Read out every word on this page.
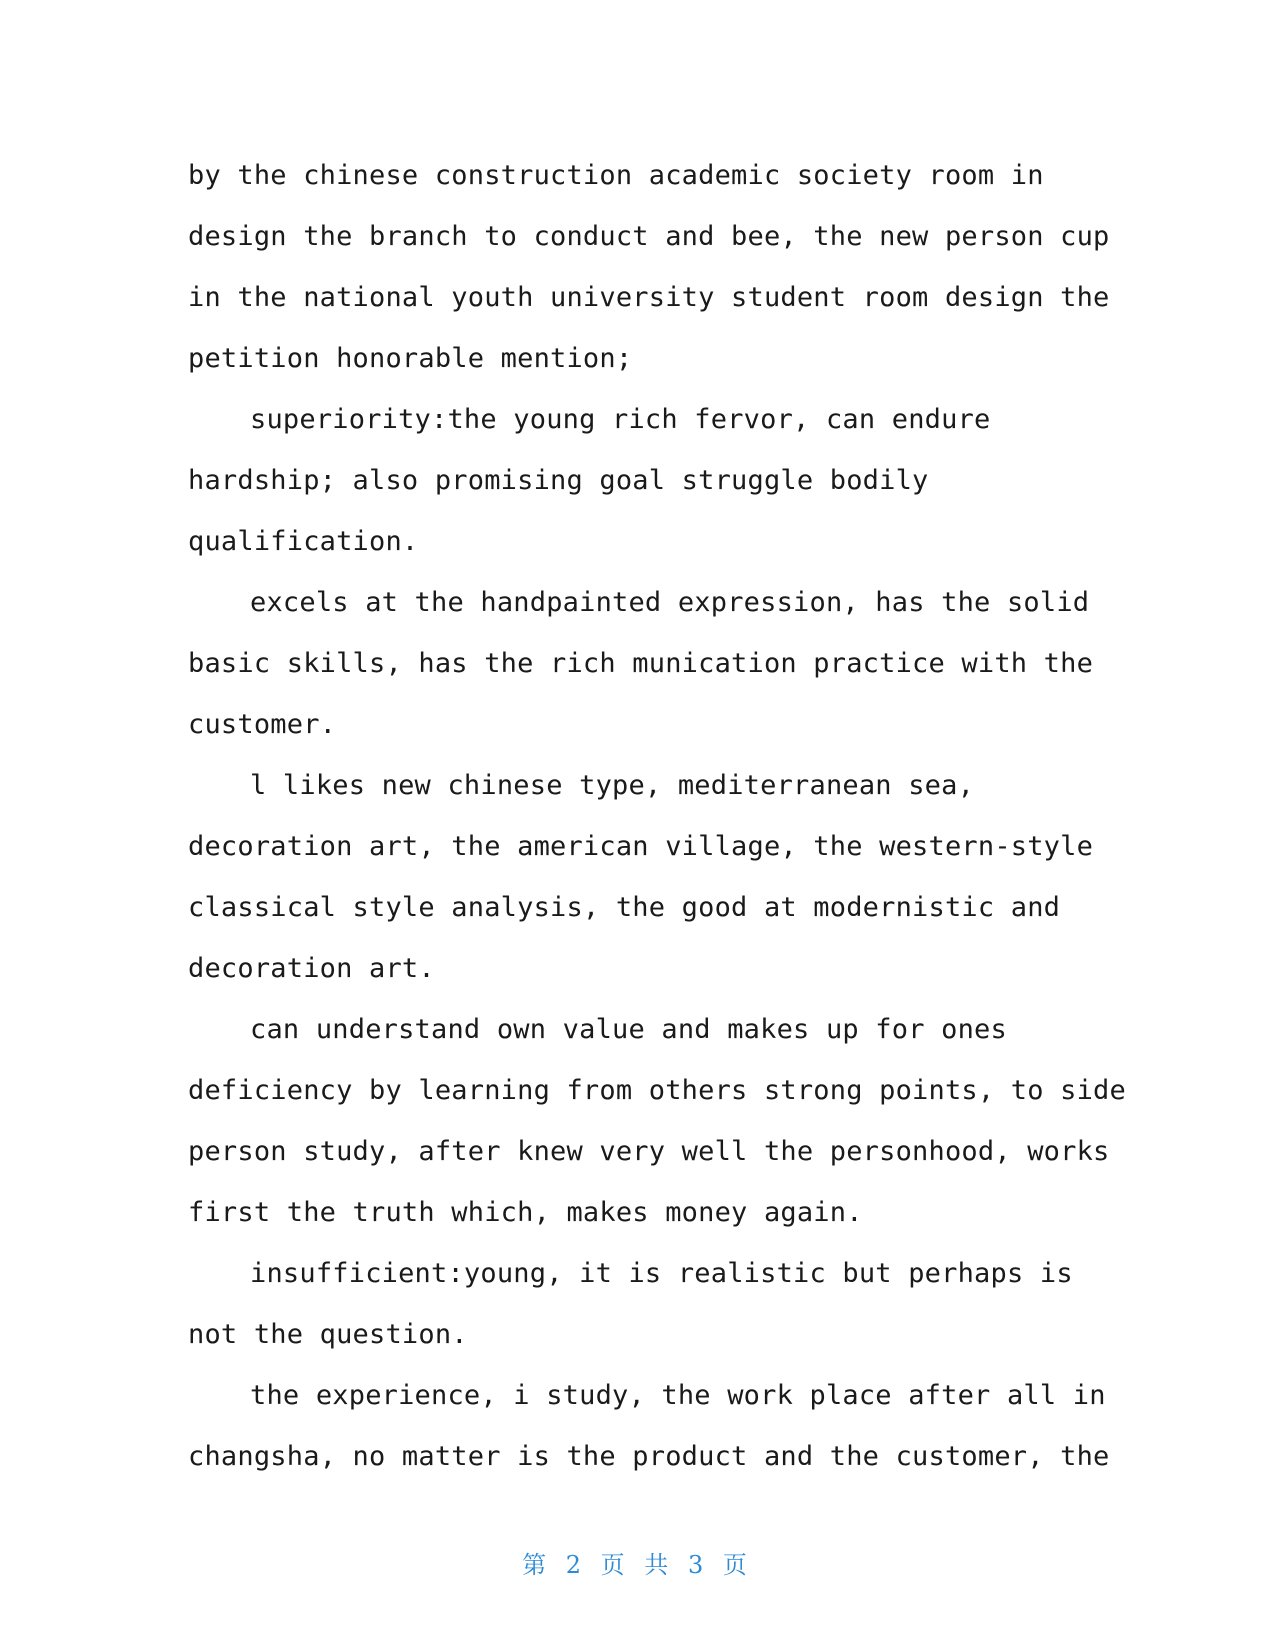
by the chinese construction academic society room in
design the branch to conduct and bee, the new person cup
in the national youth university student room design the
petition honorable mention;
superiority:the young rich fervor, can endure
hardship; also promising goal struggle bodily
qualification.
excels at the handpainted expression, has the solid
basic skills, has the rich munication practice with the
customer.
l likes new chinese type, mediterranean sea,
decoration art, the american village, the western-style
classical style analysis, the good at modernistic and
decoration art.
can understand own value and makes up for ones
deficiency by learning from others strong points, to side
person study, after knew very well the personhood, works
first the truth which, makes money again.
insufficient:young, it is realistic but perhaps is
not the question.
the experience, i study, the work place after all in
changsha, no matter is the product and the customer, the
第 2 页 共 3 页
